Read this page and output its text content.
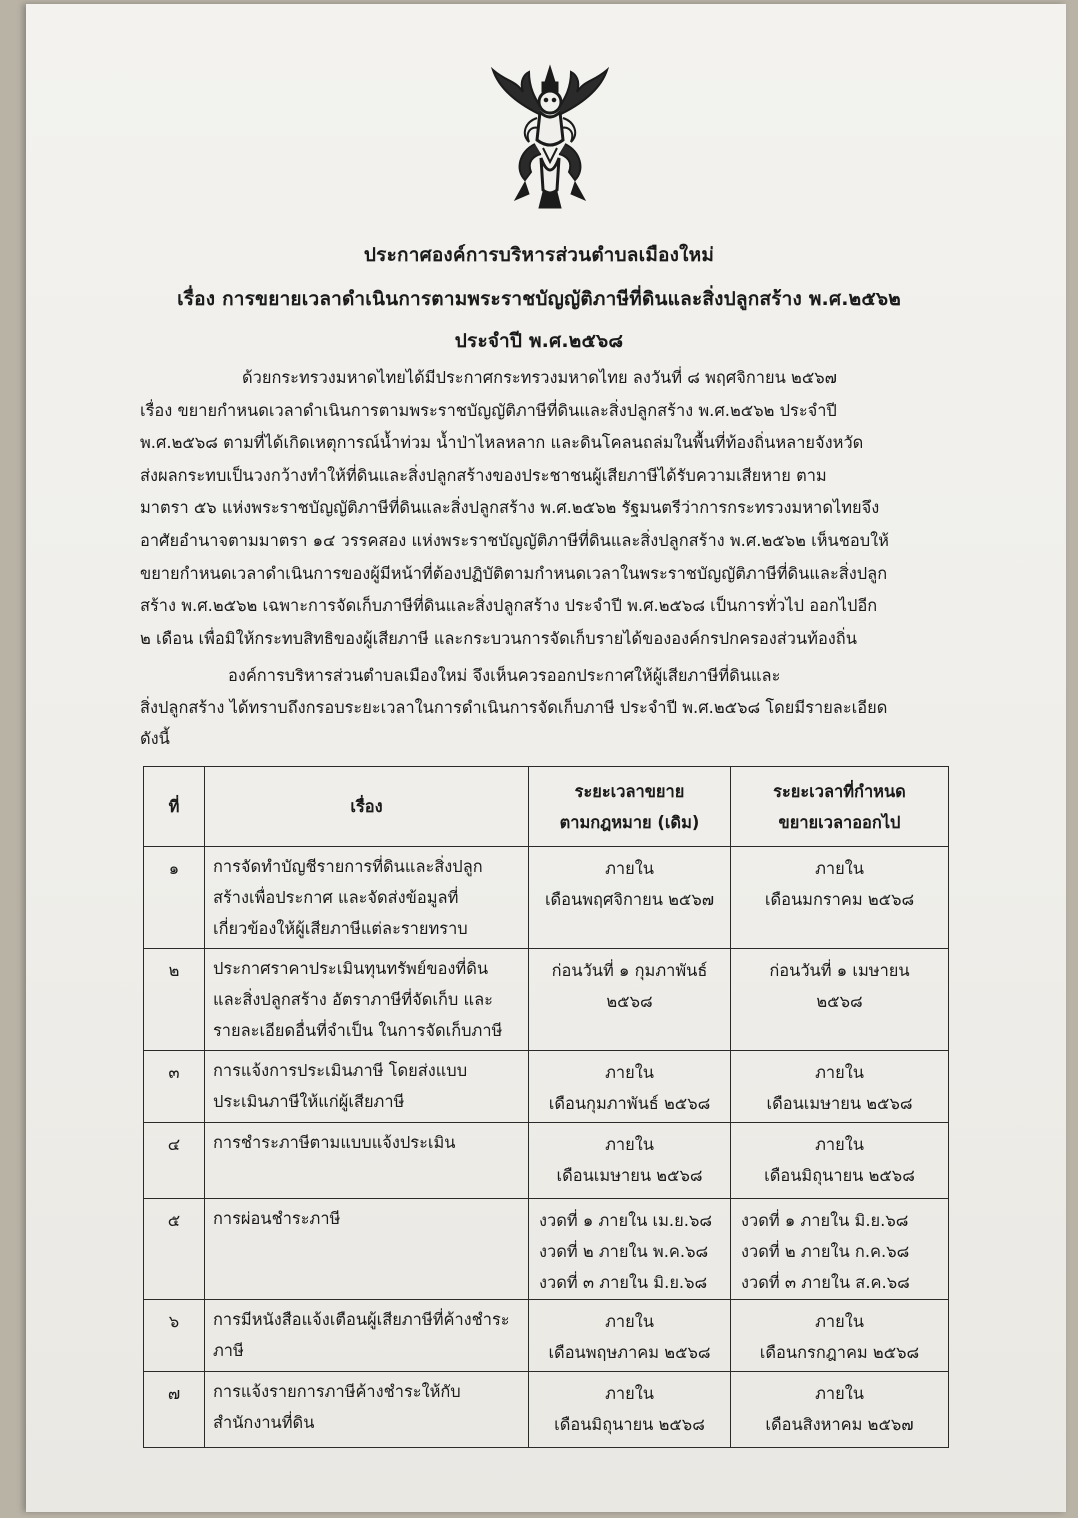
ประกาศองค์การบริหารส่วนตำบลเมืองใหม่
เรื่อง การขยายเวลาดำเนินการตามพระราชบัญญัติภาษีที่ดินและสิ่งปลูกสร้าง พ.ศ.๒๕๖๒
ประจำปี พ.ศ.๒๕๖๘
ด้วยกระทรวงมหาดไทยได้มีประกาศกระทรวงมหาดไทย ลงวันที่ ๘ พฤศจิกายน ๒๕๖๗
เรื่อง ขยายกำหนดเวลาดำเนินการตามพระราชบัญญัติภาษีที่ดินและสิ่งปลูกสร้าง พ.ศ.๒๕๖๒ ประจำปี
พ.ศ.๒๕๖๘ ตามที่ได้เกิดเหตุการณ์น้ำท่วม น้ำป่าไหลหลาก และดินโคลนถล่มในพื้นที่ท้องถิ่นหลายจังหวัด
ส่งผลกระทบเป็นวงกว้างทำให้ที่ดินและสิ่งปลูกสร้างของประชาชนผู้เสียภาษีได้รับความเสียหาย ตาม
มาตรา ๕๖ แห่งพระราชบัญญัติภาษีที่ดินและสิ่งปลูกสร้าง พ.ศ.๒๕๖๒ รัฐมนตรีว่าการกระทรวงมหาดไทยจึง
อาศัยอำนาจตามมาตรา ๑๔ วรรคสอง แห่งพระราชบัญญัติภาษีที่ดินและสิ่งปลูกสร้าง พ.ศ.๒๕๖๒ เห็นชอบให้
ขยายกำหนดเวลาดำเนินการของผู้มีหน้าที่ต้องปฏิบัติตามกำหนดเวลาในพระราชบัญญัติภาษีที่ดินและสิ่งปลูก
สร้าง พ.ศ.๒๕๖๒ เฉพาะการจัดเก็บภาษีที่ดินและสิ่งปลูกสร้าง ประจำปี พ.ศ.๒๕๖๘ เป็นการทั่วไป ออกไปอีก
๒ เดือน เพื่อมิให้กระทบสิทธิของผู้เสียภาษี และกระบวนการจัดเก็บรายได้ขององค์กรปกครองส่วนท้องถิ่น
องค์การบริหารส่วนตำบลเมืองใหม่ จึงเห็นควรออกประกาศให้ผู้เสียภาษีที่ดินและ
สิ่งปลูกสร้าง ได้ทราบถึงกรอบระยะเวลาในการดำเนินการจัดเก็บภาษี ประจำปี พ.ศ.๒๕๖๘ โดยมีรายละเอียด
ดังนี้
ที่	เรื่อง	ระยะเวลาขยาย
ตามกฎหมาย (เดิม)	ระยะเวลาที่กำหนด
ขยายเวลาออกไป

๑	การจัดทำบัญชีรายการที่ดินและสิ่งปลูก
สร้างเพื่อประกาศ และจัดส่งข้อมูลที่
เกี่ยวข้องให้ผู้เสียภาษีแต่ละรายทราบ	ภายใน
เดือนพฤศจิกายน ๒๕๖๗	ภายใน
เดือนมกราคม ๒๕๖๘

๒	ประกาศราคาประเมินทุนทรัพย์ของที่ดิน
และสิ่งปลูกสร้าง อัตราภาษีที่จัดเก็บ และ
รายละเอียดอื่นที่จำเป็น ในการจัดเก็บภาษี	ก่อนวันที่ ๑ กุมภาพันธ์
๒๕๖๘	ก่อนวันที่ ๑ เมษายน
๒๕๖๘

๓	การแจ้งการประเมินภาษี โดยส่งแบบ
ประเมินภาษีให้แก่ผู้เสียภาษี	ภายใน
เดือนกุมภาพันธ์ ๒๕๖๘	ภายใน
เดือนเมษายน ๒๕๖๘

๔	การชำระภาษีตามแบบแจ้งประเมิน	ภายใน
เดือนเมษายน ๒๕๖๘	ภายใน
เดือนมิถุนายน ๒๕๖๘

๕	การผ่อนชำระภาษี	งวดที่ ๑ ภายใน เม.ย.๖๘
งวดที่ ๒ ภายใน พ.ค.๖๘
งวดที่ ๓ ภายใน มิ.ย.๖๘	งวดที่ ๑ ภายใน มิ.ย.๖๘
งวดที่ ๒ ภายใน ก.ค.๖๘
งวดที่ ๓ ภายใน ส.ค.๖๘

๖	การมีหนังสือแจ้งเตือนผู้เสียภาษีที่ค้างชำระ
ภาษี	ภายใน
เดือนพฤษภาคม ๒๕๖๘	ภายใน
เดือนกรกฎาคม ๒๕๖๘

๗	การแจ้งรายการภาษีค้างชำระให้กับ
สำนักงานที่ดิน	ภายใน
เดือนมิถุนายน ๒๕๖๘	ภายใน
เดือนสิงหาคม ๒๕๖๗
